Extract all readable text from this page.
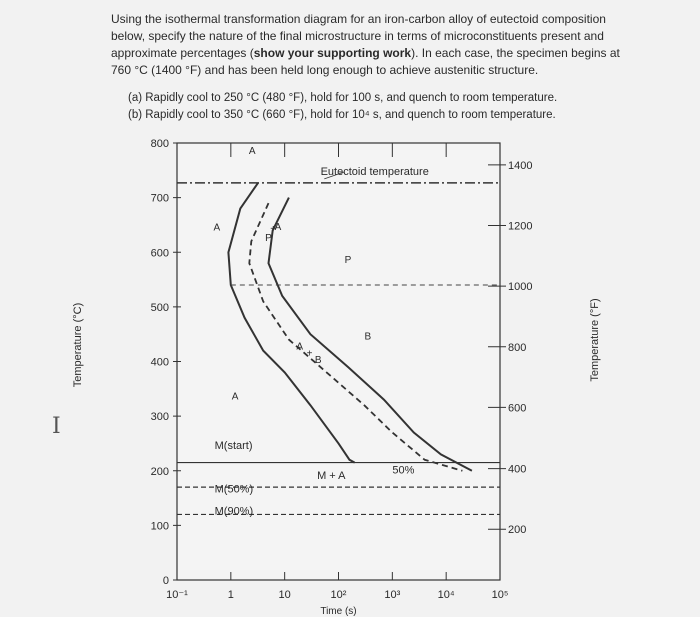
Using the isothermal transformation diagram for an iron-carbon alloy of eutectoid composition below, specify the nature of the final microstructure in terms of microconstituents present and approximate percentages (show your supporting work). In each case, the specimen begins at 760 °C (1400 °F) and has been held long enough to achieve austenitic structure.
(a) Rapidly cool to 250 °C (480 °F), hold for 100 s, and quench to room temperature.
(b) Rapidly cool to 350 °C (660 °F), hold for 10⁴ s, and quench to room temperature.
I
0
100
200
300
400
500
600
700
800
1400
1200
1000
800
600
400
200
10⁻¹	1	10	10²	10³	10⁴	10⁵
Time (s)
Eutectoid temperature
A
A
A
P
B
A
+
P
A
+
B
M(start)
M + A	50%
M(50%)
M(90%)
Temperature (°C)	Temperature (°F)
